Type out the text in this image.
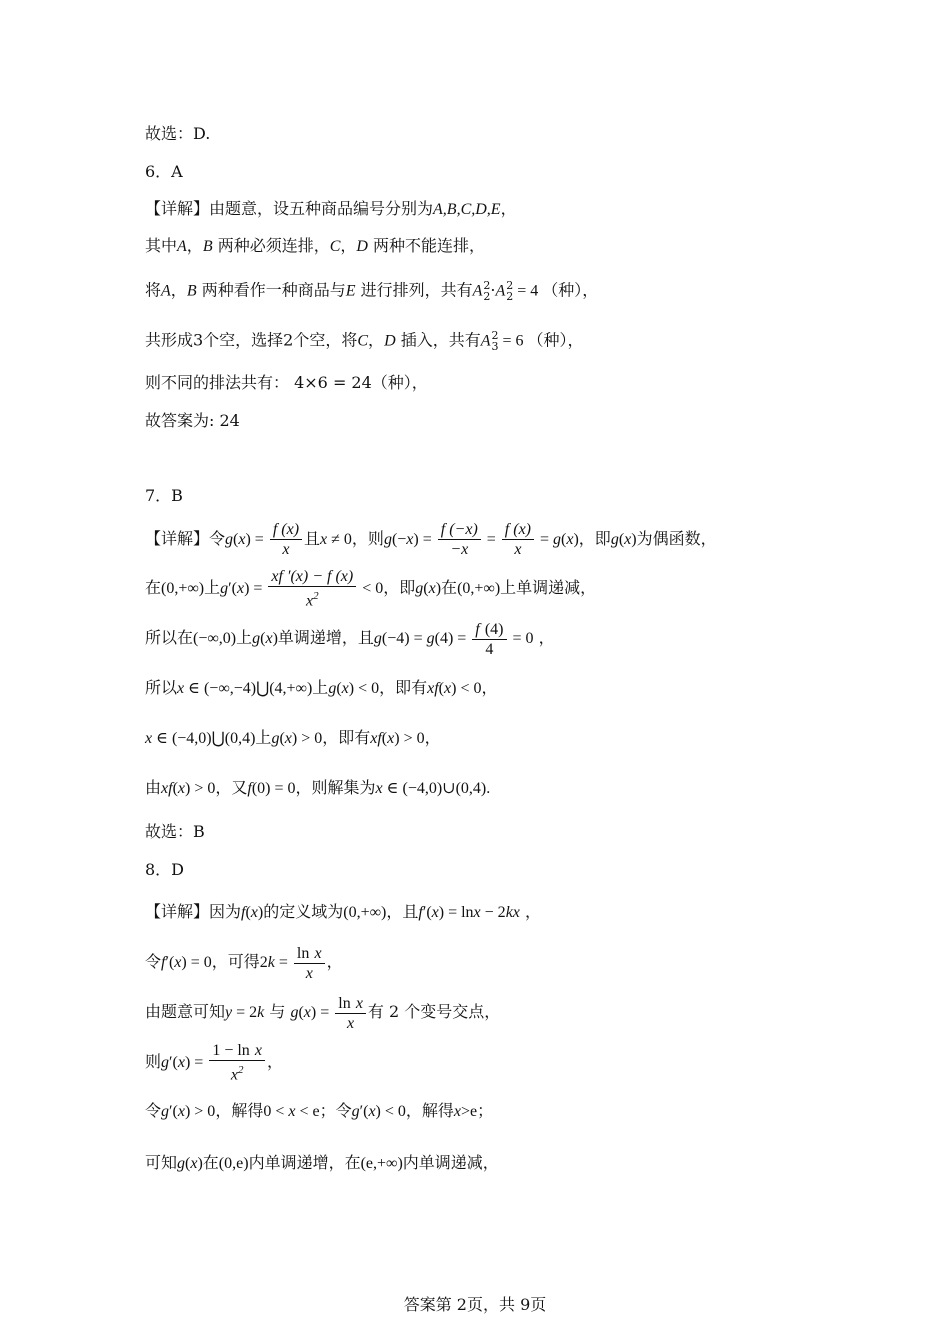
故选：D.
6．A
【详解】由题意，设五种商品编号分别为A,B,C,D,E，
其中A，B 两种必须连排，C，D 两种不能连排，
将A，B 两种看作一种商品与E 进行排列，共有A 2
2 ·A 2
2 = 4 （种），
共形成3个空，选择2个空，将C，D 插入，共有A 2
3 = 6 （种），
则不同的排法共有： 4×6 = 24（种），
故答案为: 24
7．B
【详解】令$g(x) = \frac{f (x)}{x}$ 且x ≠ 0，则$g(-x) = \frac{f (-x)}{-x} = \frac{f (x)}{x} = g(x)$，即g(x)为偶函数，
在(0,+∞)上$g'(x) = \frac{xf '(x) - f (x)}{x^2} < 0$，即g(x)在(0,+∞)上单调递减，
所以在(−∞,0)上g(x)单调递增，且$g(-4) = g(4) = \frac{f (4)}{4} = 0$ ，
所以x ∈ (−∞,−4)⋃(4,+∞)上g(x) < 0，即有xf(x) < 0，
x ∈ (−4,0)⋃(0,4)上g(x) > 0，即有xf(x) > 0，
由xf(x) > 0，又f(0) = 0，则解集为x ∈ (−4,0)∪(0,4).
故选：B
8．D
【详解】因为f(x)的定义域为(0,+∞)，且f′(x) = lnx − 2kx ，
令f′(x) = 0，可得$2k = \frac{\text{ln x}}{x}$ ，
由题意可知y = 2k 与 $g(x) = \frac{\text{ln x}}{x}$ 有 2 个变号交点，
则$g'(x) = \frac{\text{1 − ln x}}{x^2}$ ，
令g′(x) > 0，解得0 < x < e；令g′(x) < 0，解得x>e；
可知g(x)在(0,e)内单调递增，在(e,+∞)内单调递减，
答案第 2页，共 9页
